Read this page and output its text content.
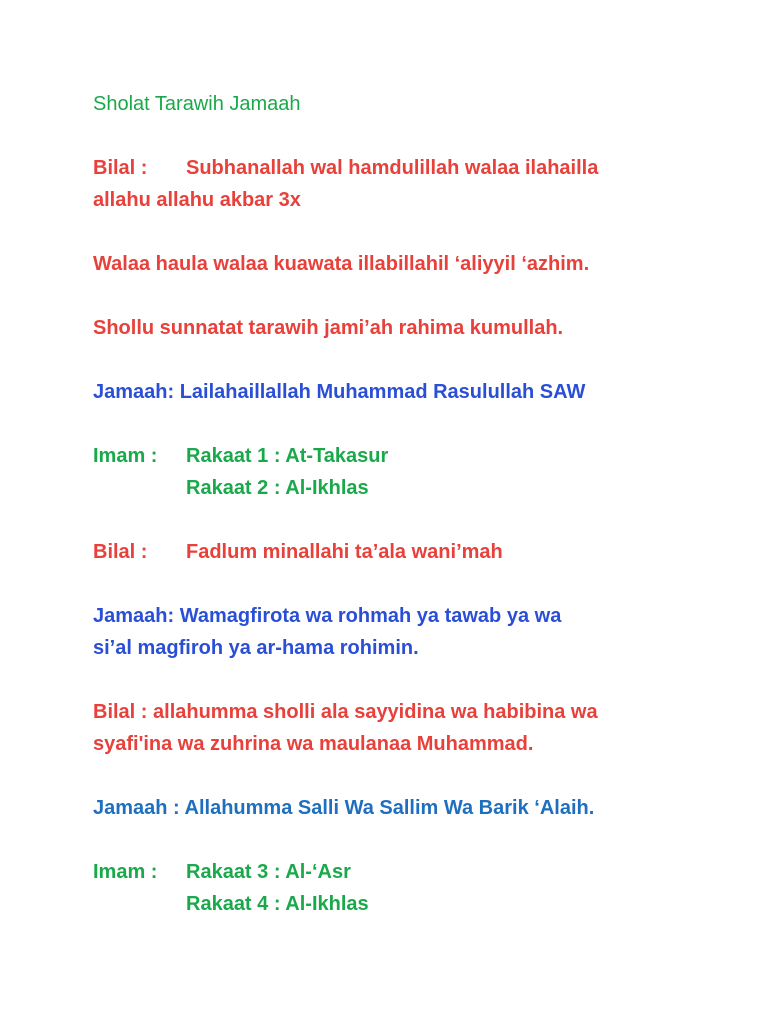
Sholat Tarawih Jamaah
Bilal : Subhanallah wal hamdulillah walaa ilahailla
allahu allahu akbar 3x
Walaa haula walaa kuawata illabillahil ‘aliyyil ‘azhim.
Shollu sunnatat tarawih jami’ah rahima kumullah.
Jamaah: Lailahaillallah Muhammad Rasulullah SAW
Imam : Rakaat 1 : At-Takasur
Rakaat 2 : Al-Ikhlas
Bilal : Fadlum minallahi ta’ala wani’mah
Jamaah: Wamagfirota wa rohmah ya tawab ya wa
si’al magfiroh ya ar-hama rohimin.
Bilal : allahumma sholli ala sayyidina wa habibina wa
syafi'ina wa zuhrina wa maulanaa Muhammad.
Jamaah : Allahumma Salli Wa Sallim Wa Barik ‘Alaih.
Imam : Rakaat 3 : Al-‘Asr
Rakaat 4 : Al-Ikhlas
